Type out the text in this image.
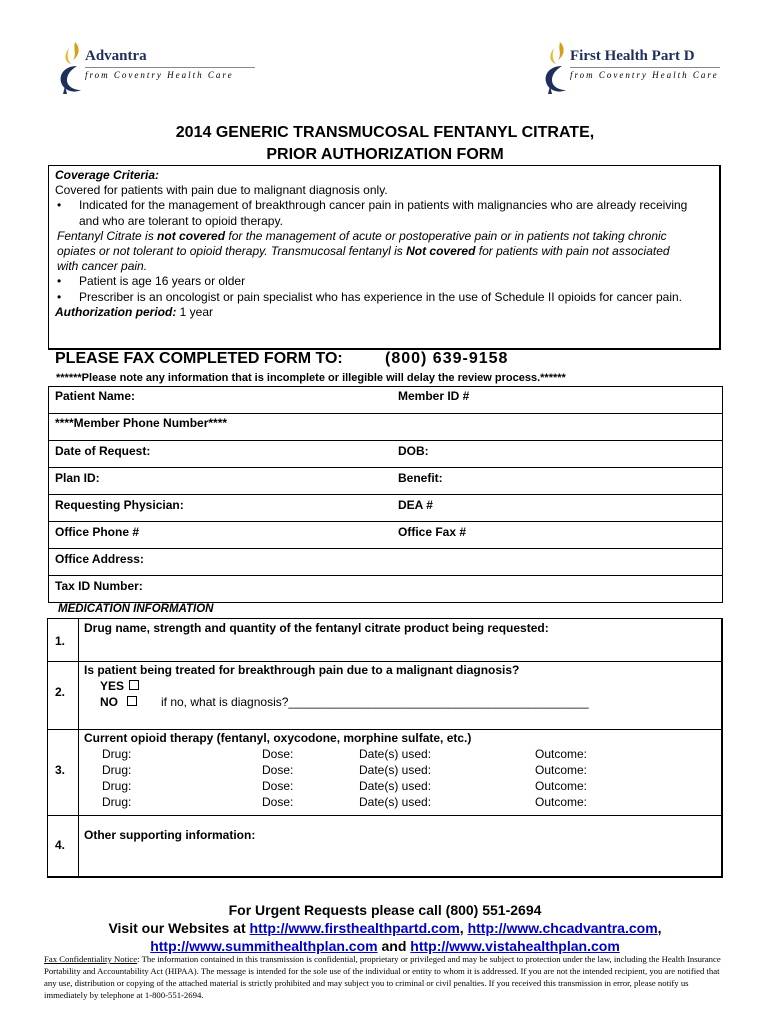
Advantra
from Coventry Health Care
First Health Part D
from Coventry Health Care
2014 GENERIC TRANSMUCOSAL FENTANYL CITRATE,
PRIOR AUTHORIZATION FORM
Coverage Criteria:
Covered for patients with pain due to malignant diagnosis only.
• Indicated for the management of breakthrough cancer pain in patients with malignancies who are already receiving
and who are tolerant to opioid therapy.
Fentanyl Citrate is not covered for the management of acute or postoperative pain or in patients not taking chronic
opiates or not tolerant to opioid therapy. Transmucosal fentanyl is Not covered for patients with pain not associated
with cancer pain.
• Patient is age 16 years or older
• Prescriber is an oncologist or pain specialist who has experience in the use of Schedule II opioids for cancer pain.
Authorization period: 1 year
PLEASE FAX COMPLETED FORM TO:	(800) 639-9158
******Please note any information that is incomplete or illegible will delay the review process.******
Patient Name:	Member ID #
****Member Phone Number****
Date of Request:	DOB:
Plan ID:	Benefit:
Requesting Physician:	DEA #
Office Phone #	Office Fax #
Office Address:
Tax ID Number:
MEDICATION INFORMATION
1.
Drug name, strength and quantity of the fentanyl citrate product being requested:
2.
Is patient being treated for breakthrough pain due to a malignant diagnosis?
YES
NO	if no, what is diagnosis?_____________________________________________
3.
Current opioid therapy (fentanyl, oxycodone, morphine sulfate, etc.)
Drug:	Dose:	Date(s) used:	Outcome:
Drug:	Dose:	Date(s) used:	Outcome:
Drug:	Dose:	Date(s) used:	Outcome:
Drug:	Dose:	Date(s) used:	Outcome:
4.
Other supporting information:
For Urgent Requests please call (800) 551-2694
Visit our Websites at http://www.firsthealthpartd.com, http://www.chcadvantra.com,
http://www.summithealthplan.com and http://www.vistahealthplan.com
Fax Confidentiality Notice: The information contained in this transmission is confidential, proprietary or privileged and may be subject to protection under the law, including the Health Insurance Portability and Accountability Act (HIPAA). The message is intended for the sole use of the individual or entity to whom it is addressed. If you are not the intended recipient, you are notified that any use, distribution or copying of the attached material is strictly prohibited and may subject you to criminal or civil penalties. If you received this transmission in error, please notify us immediately by telephone at 1-800-551-2694.
